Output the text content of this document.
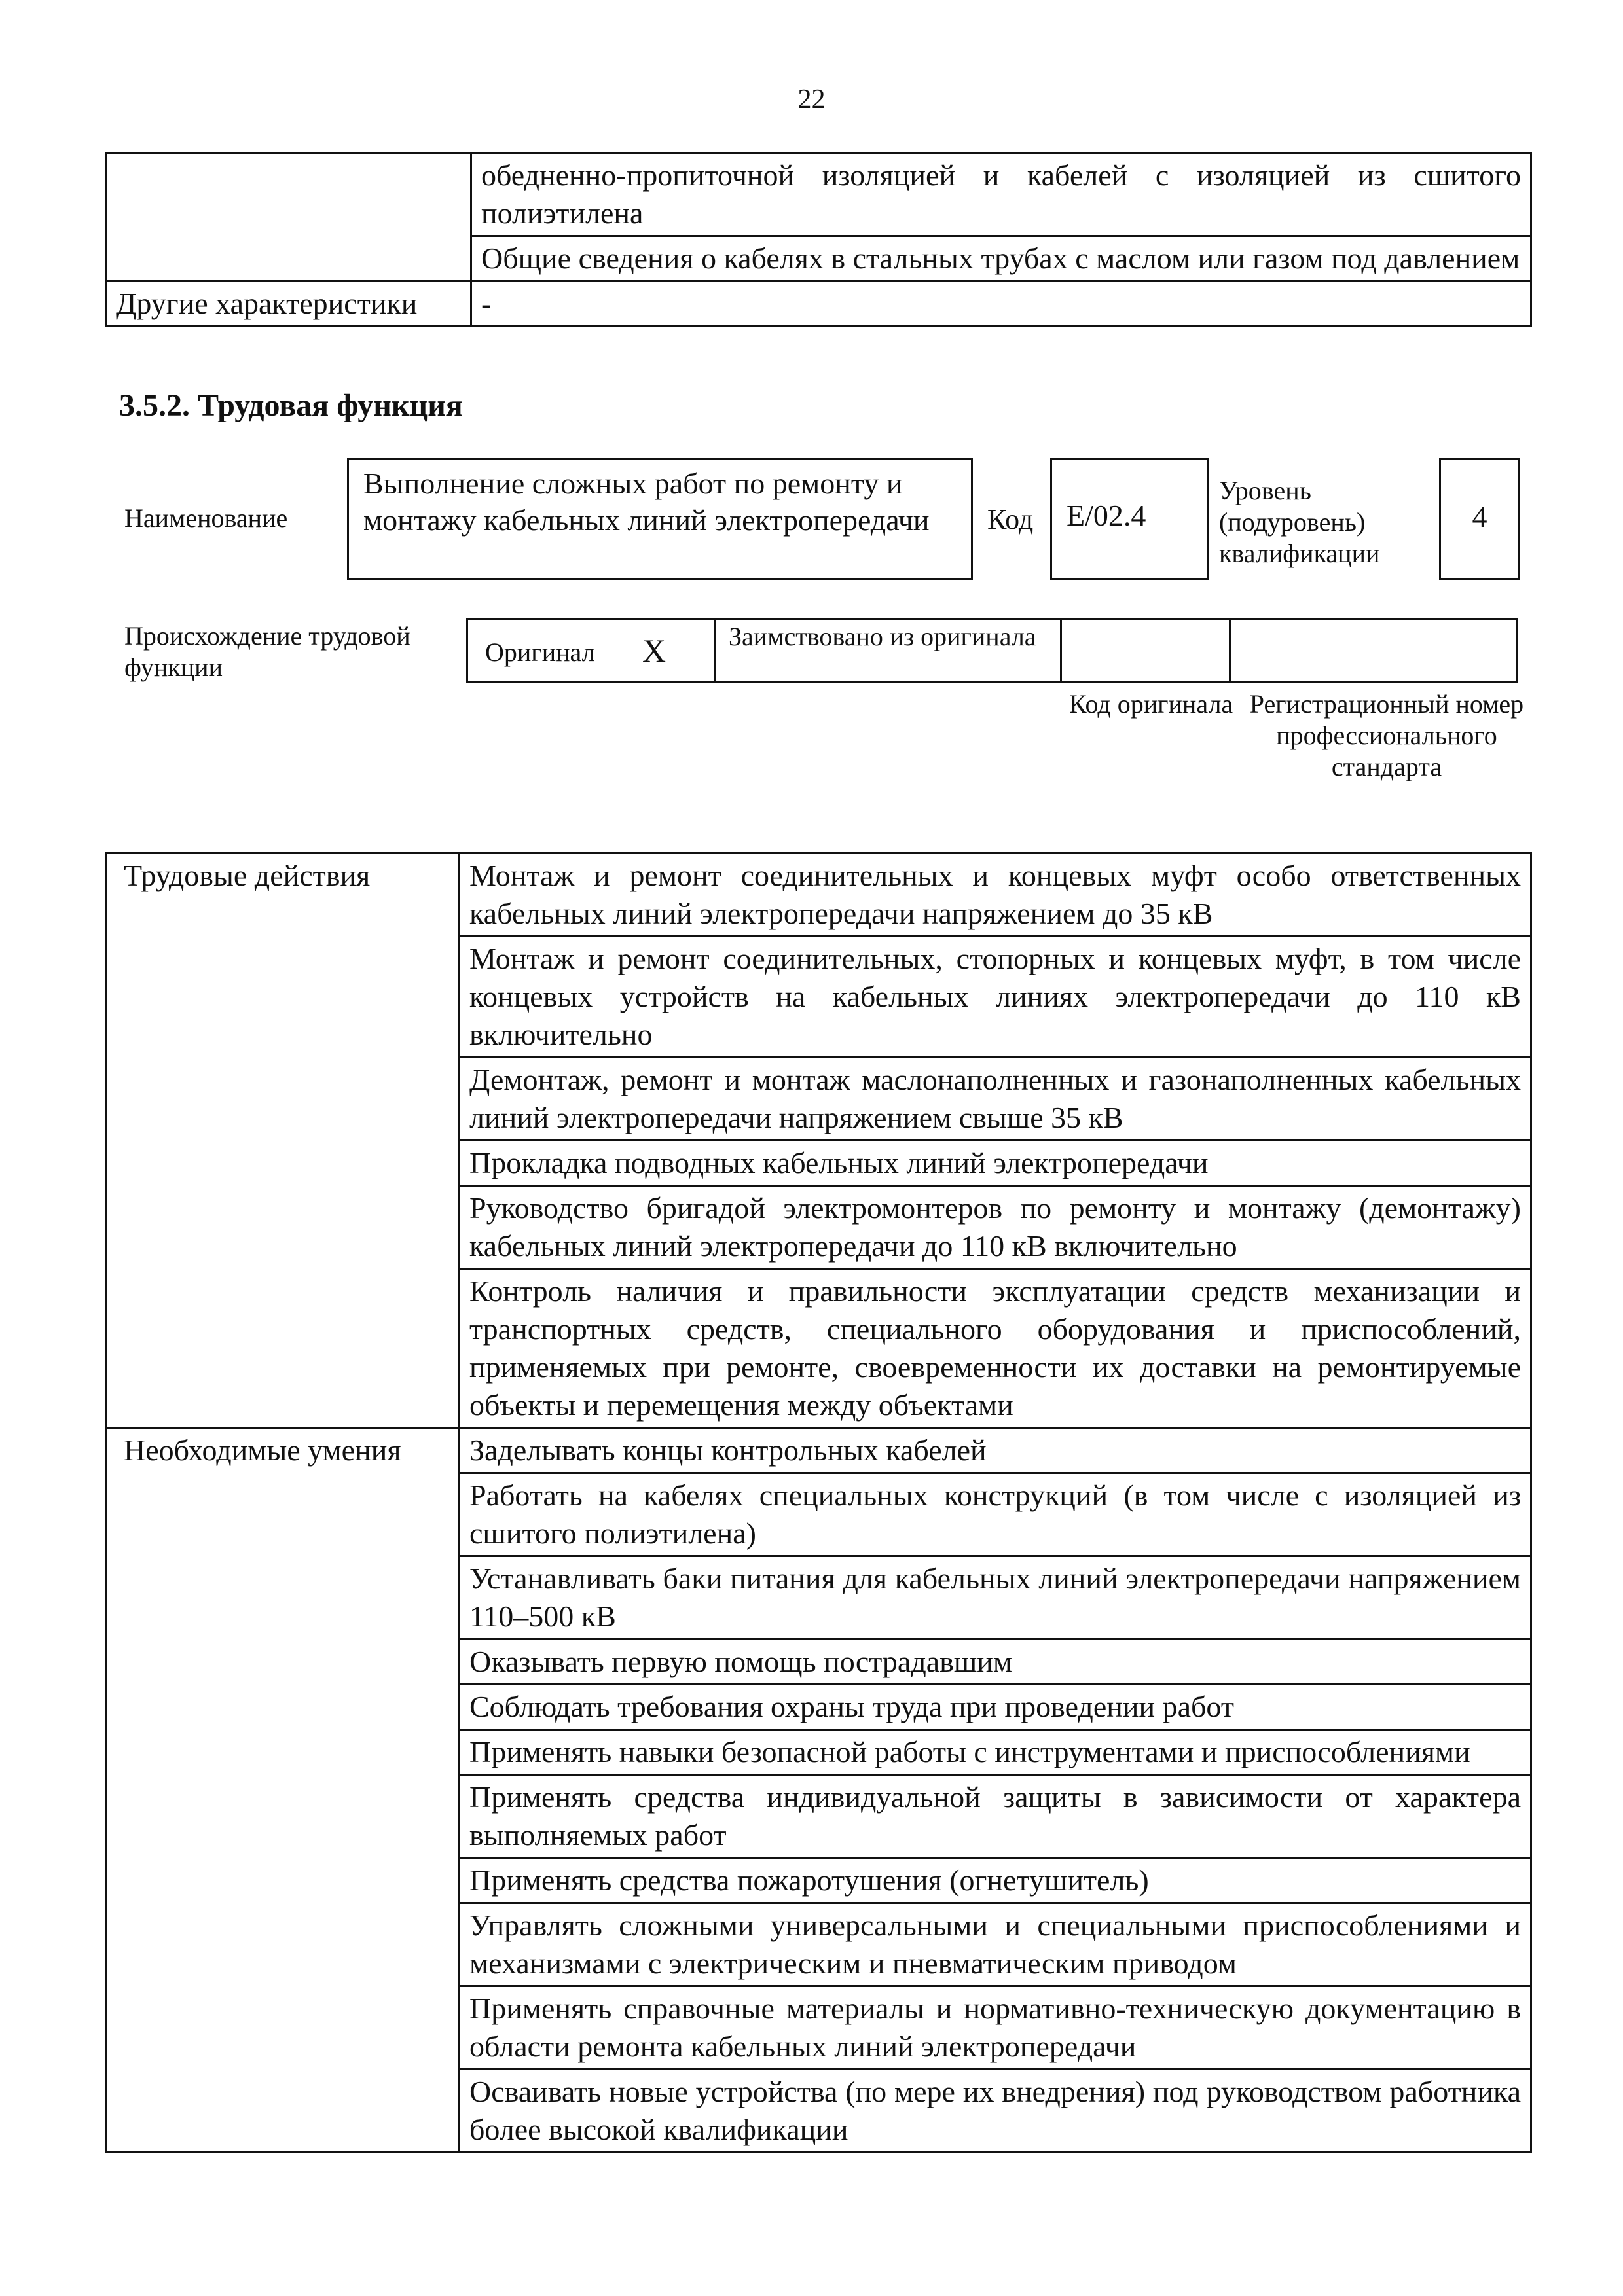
22
	обедненно-пропиточной изоляцией и кабелей с изоляцией из сшитого полиэтилена
	Общие сведения о кабелях в стальных трубах с маслом или газом под давлением
Другие характеристики	-
3.5.2. Трудовая функция
Наименование
Выполнение сложных работ по ремонту и монтажу кабельных линий электропередачи	Код	E/02.4
Уровень (подуровень) квалификации
4
Происхождение трудовой функции
Оригинал X Заимствовано из оригинала
Код оригинала Регистрационный номер профессионального стандарта
Трудовые действия	Монтаж и ремонт соединительных и концевых муфт особо ответственных кабельных линий электропередачи напряжением до 35 кВ
	Монтаж и ремонт соединительных, стопорных и концевых муфт, в том числе концевых устройств на кабельных линиях электропередачи до 110 кВ включительно
	Демонтаж, ремонт и монтаж маслонаполненных и газонаполненных кабельных линий электропередачи напряжением свыше 35 кВ
	Прокладка подводных кабельных линий электропередачи
	Руководство бригадой электромонтеров по ремонту и монтажу (демонтажу) кабельных линий электропередачи до 110 кВ включительно
	Контроль наличия и правильности эксплуатации средств механизации и транспортных средств, специального оборудования и приспособлений, применяемых при ремонте, своевременности их доставки на ремонтируемые объекты и перемещения между объектами
Необходимые умения	Заделывать концы контрольных кабелей
	Работать на кабелях специальных конструкций (в том числе с изоляцией из сшитого полиэтилена)
	Устанавливать баки питания для кабельных линий электропередачи напряжением 110–500 кВ
	Оказывать первую помощь пострадавшим
	Соблюдать требования охраны труда при проведении работ
	Применять навыки безопасной работы с инструментами и приспособлениями
	Применять средства индивидуальной защиты в зависимости от характера выполняемых работ
	Применять средства пожаротушения (огнетушитель)
	Управлять сложными универсальными и специальными приспособлениями и механизмами с электрическим и пневматическим приводом
	Применять справочные материалы и нормативно-техническую документацию в области ремонта кабельных линий электропередачи
	Осваивать новые устройства (по мере их внедрения) под руководством работника более высокой квалификации
